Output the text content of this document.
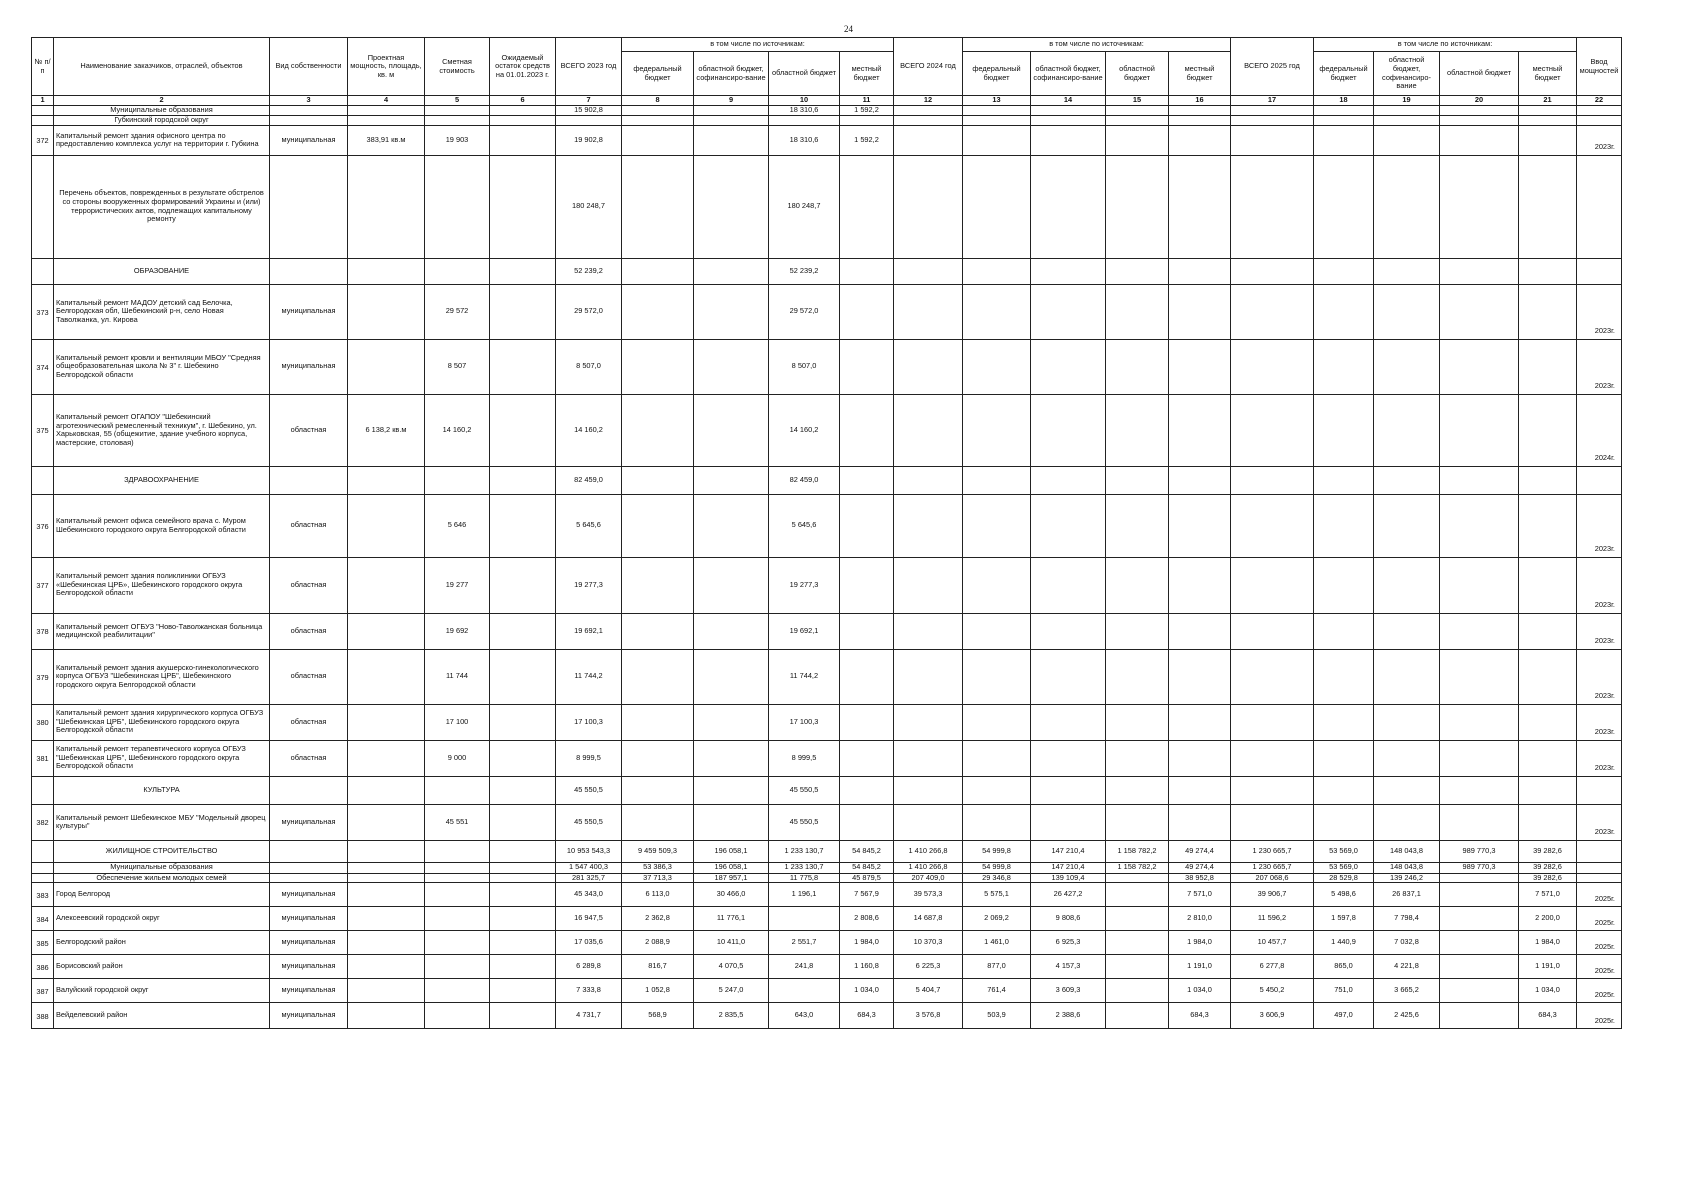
24
№ п/п	Наименование заказчиков, отраслей, объектов	Вид собственности	Проектная мощность, площадь, кв. м	Сметная стоимость	Ожидаемый остаток средств на 01.01.2023 г.	ВСЕГО 2023 год	в том числе по источникам:				ВСЕГО 2024 год	в том числе по источникам:				ВСЕГО 2025 год	в том числе по источникам:				Ввод мощностей
							федеральный бюджет	областной бюджет, софинансиро-вание	областной бюджет	местный бюджет		федеральный бюджет	областной бюджет, софинансиро-вание	областной бюджет	местный бюджет		федеральный бюджет	областной бюджет, софинансиро-вание	областной бюджет	местный бюджет	
1	2	3	4	5	6	7	8	9	10	11	12	13	14	15	16	17	18	19	20	21	22
	Муниципальные образования					15 902,8			18 310,6	1 592,2											
	Губкинский городской округ																				
372	Капитальный ремонт здания офисного центра по предоставлению комплекса услуг на территории г. Губкина	муниципальная	383,91 кв.м	19 903		19 902,8			18 310,6	1 592,2											2023г.
	Перечень объектов, поврежденных в результате обстрелов со стороны вооруженных формирований Украины и (или) террористических актов, подлежащих капитальному ремонту					180 248,7			180 248,7												
	ОБРАЗОВАНИЕ					52 239,2			52 239,2												
373	Капитальный ремонт МАДОУ детский сад Белочка, Белгородская обл, Шебекинский р-н, село Новая Таволжанка, ул. Кирова	муниципальная		29 572		29 572,0			29 572,0												2023г.
374	Капитальный ремонт кровли и вентиляции МБОУ "Средняя общеобразовательная школа № 3" г. Шебекино Белгородской области	муниципальная		8 507		8 507,0			8 507,0												2023г.
375	Капитальный ремонт ОГАПОУ "Шебекинский агротехнический ремесленный техникум", г. Шебекино, ул. Харьковская, 55 (общежитие, здание учебного корпуса, мастерские, столовая)	областная	6 138,2 кв.м	14 160,2		14 160,2			14 160,2												2024г.
	ЗДРАВООХРАНЕНИЕ					82 459,0			82 459,0												
376	Капитальный ремонт офиса семейного врача с. Муром Шебекинского городского округа Белгородской области	областная		5 646		5 645,6			5 645,6												2023г.
377	Капитальный ремонт здания поликлиники ОГБУЗ «Шебекинская ЦРБ», Шебекинского городского округа Белгородской области	областная		19 277		19 277,3			19 277,3												2023г.
378	Капитальный ремонт ОГБУЗ "Ново-Таволжанская больница медицинской реабилитации"	областная		19 692		19 692,1			19 692,1												2023г.
379	Капитальный ремонт здания акушерско-гинекологического корпуса ОГБУЗ "Шебекинская ЦРБ", Шебекинского городского округа Белгородской области	областная		11 744		11 744,2			11 744,2												2023г.
380	Капитальный ремонт здания хирургического корпуса ОГБУЗ "Шебекинская ЦРБ", Шебекинского городского округа Белгородской области	областная		17 100		17 100,3			17 100,3												2023г.
381	Капитальный ремонт терапевтического корпуса ОГБУЗ "Шебекинская ЦРБ", Шебекинского городского округа Белгородской области	областная		9 000		8 999,5			8 999,5												2023г.
	КУЛЬТУРА					45 550,5			45 550,5												
382	Капитальный ремонт Шебекинское МБУ "Модельный дворец культуры"	муниципальная		45 551		45 550,5			45 550,5												2023г.
	ЖИЛИЩНОЕ СТРОИТЕЛЬСТВО					10 953 543,3	9 459 509,3	196 058,1	1 233 130,7	54 845,2	1 410 266,8	54 999,8	147 210,4	1 158 782,2	49 274,4	1 230 665,7	53 569,0	148 043,8	989 770,3	39 282,6	
	Муниципальные образования					1 547 400,3	53 386,3	196 058,1	1 233 130,7	54 845,2	1 410 266,8	54 999,8	147 210,4	1 158 782,2	49 274,4	1 230 665,7	53 569,0	148 043,8	989 770,3	39 282,6	
	Обеспечение жильем молодых семей					281 325,7	37 713,3	187 957,1	11 775,8	45 879,5	207 409,0	29 346,8	139 109,4		38 952,8	207 068,6	28 529,8	139 246,2		39 282,6	
383	Город Белгород	муниципальная				45 343,0	6 113,0	30 466,0	1 196,1	7 567,9	39 573,3	5 575,1	26 427,2		7 571,0	39 906,7	5 498,6	26 837,1		7 571,0	2025г.
384	Алексеевский городской округ	муниципальная				16 947,5	2 362,8	11 776,1		2 808,6	14 687,8	2 069,2	9 808,6		2 810,0	11 596,2	1 597,8	7 798,4		2 200,0	2025г.
385	Белгородский район	муниципальная				17 035,6	2 088,9	10 411,0	2 551,7	1 984,0	10 370,3	1 461,0	6 925,3		1 984,0	10 457,7	1 440,9	7 032,8		1 984,0	2025г.
386	Борисовский район	муниципальная				6 289,8	816,7	4 070,5	241,8	1 160,8	6 225,3	877,0	4 157,3		1 191,0	6 277,8	865,0	4 221,8		1 191,0	2025г.
387	Валуйский городской округ	муниципальная				7 333,8	1 052,8	5 247,0		1 034,0	5 404,7	761,4	3 609,3		1 034,0	5 450,2	751,0	3 665,2		1 034,0	2025г.
388	Вейделевский район	муниципальная				4 731,7	568,9	2 835,5	643,0	684,3	3 576,8	503,9	2 388,6		684,3	3 606,9	497,0	2 425,6		684,3	2025г.
